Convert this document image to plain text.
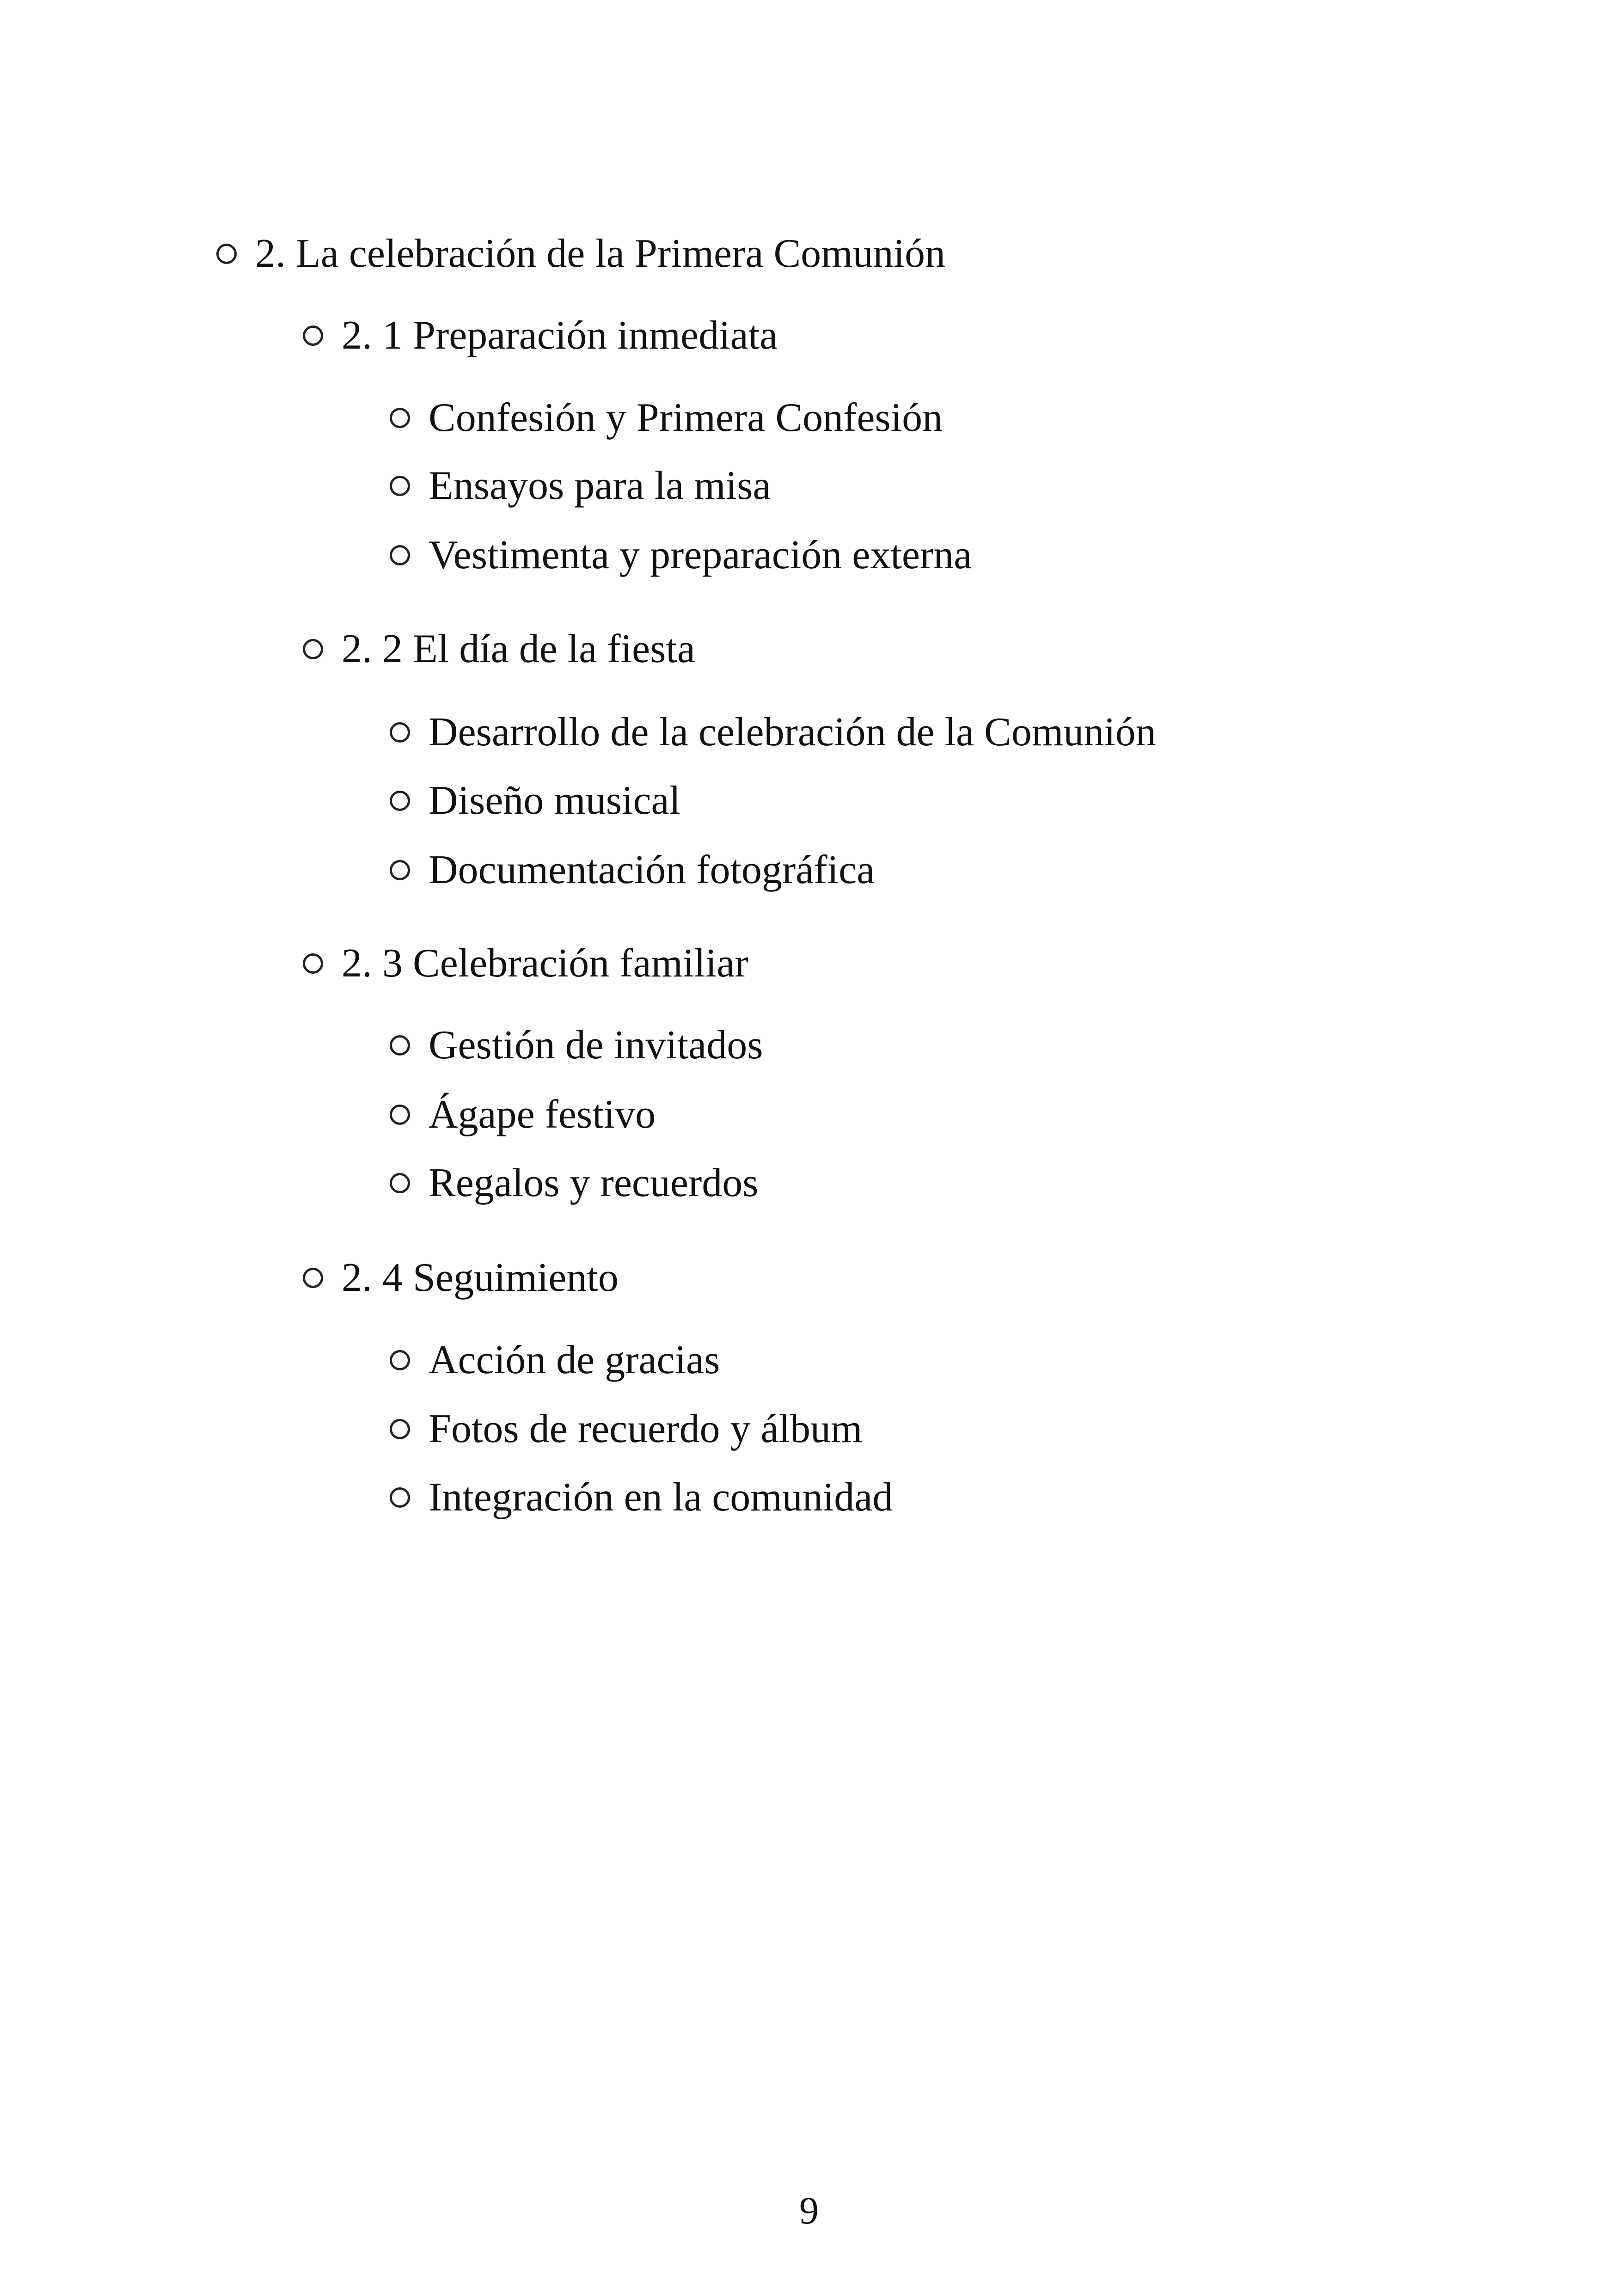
2. La celebración de la Primera Comunión
2. 1 Preparación inmediata
Confesión y Primera Confesión
Ensayos para la misa
Vestimenta y preparación externa
2. 2 El día de la fiesta
Desarrollo de la celebración de la Comunión
Diseño musical
Documentación fotográfica
2. 3 Celebración familiar
Gestión de invitados
Ágape festivo
Regalos y recuerdos
2. 4 Seguimiento
Acción de gracias
Fotos de recuerdo y álbum
Integración en la comunidad
9
